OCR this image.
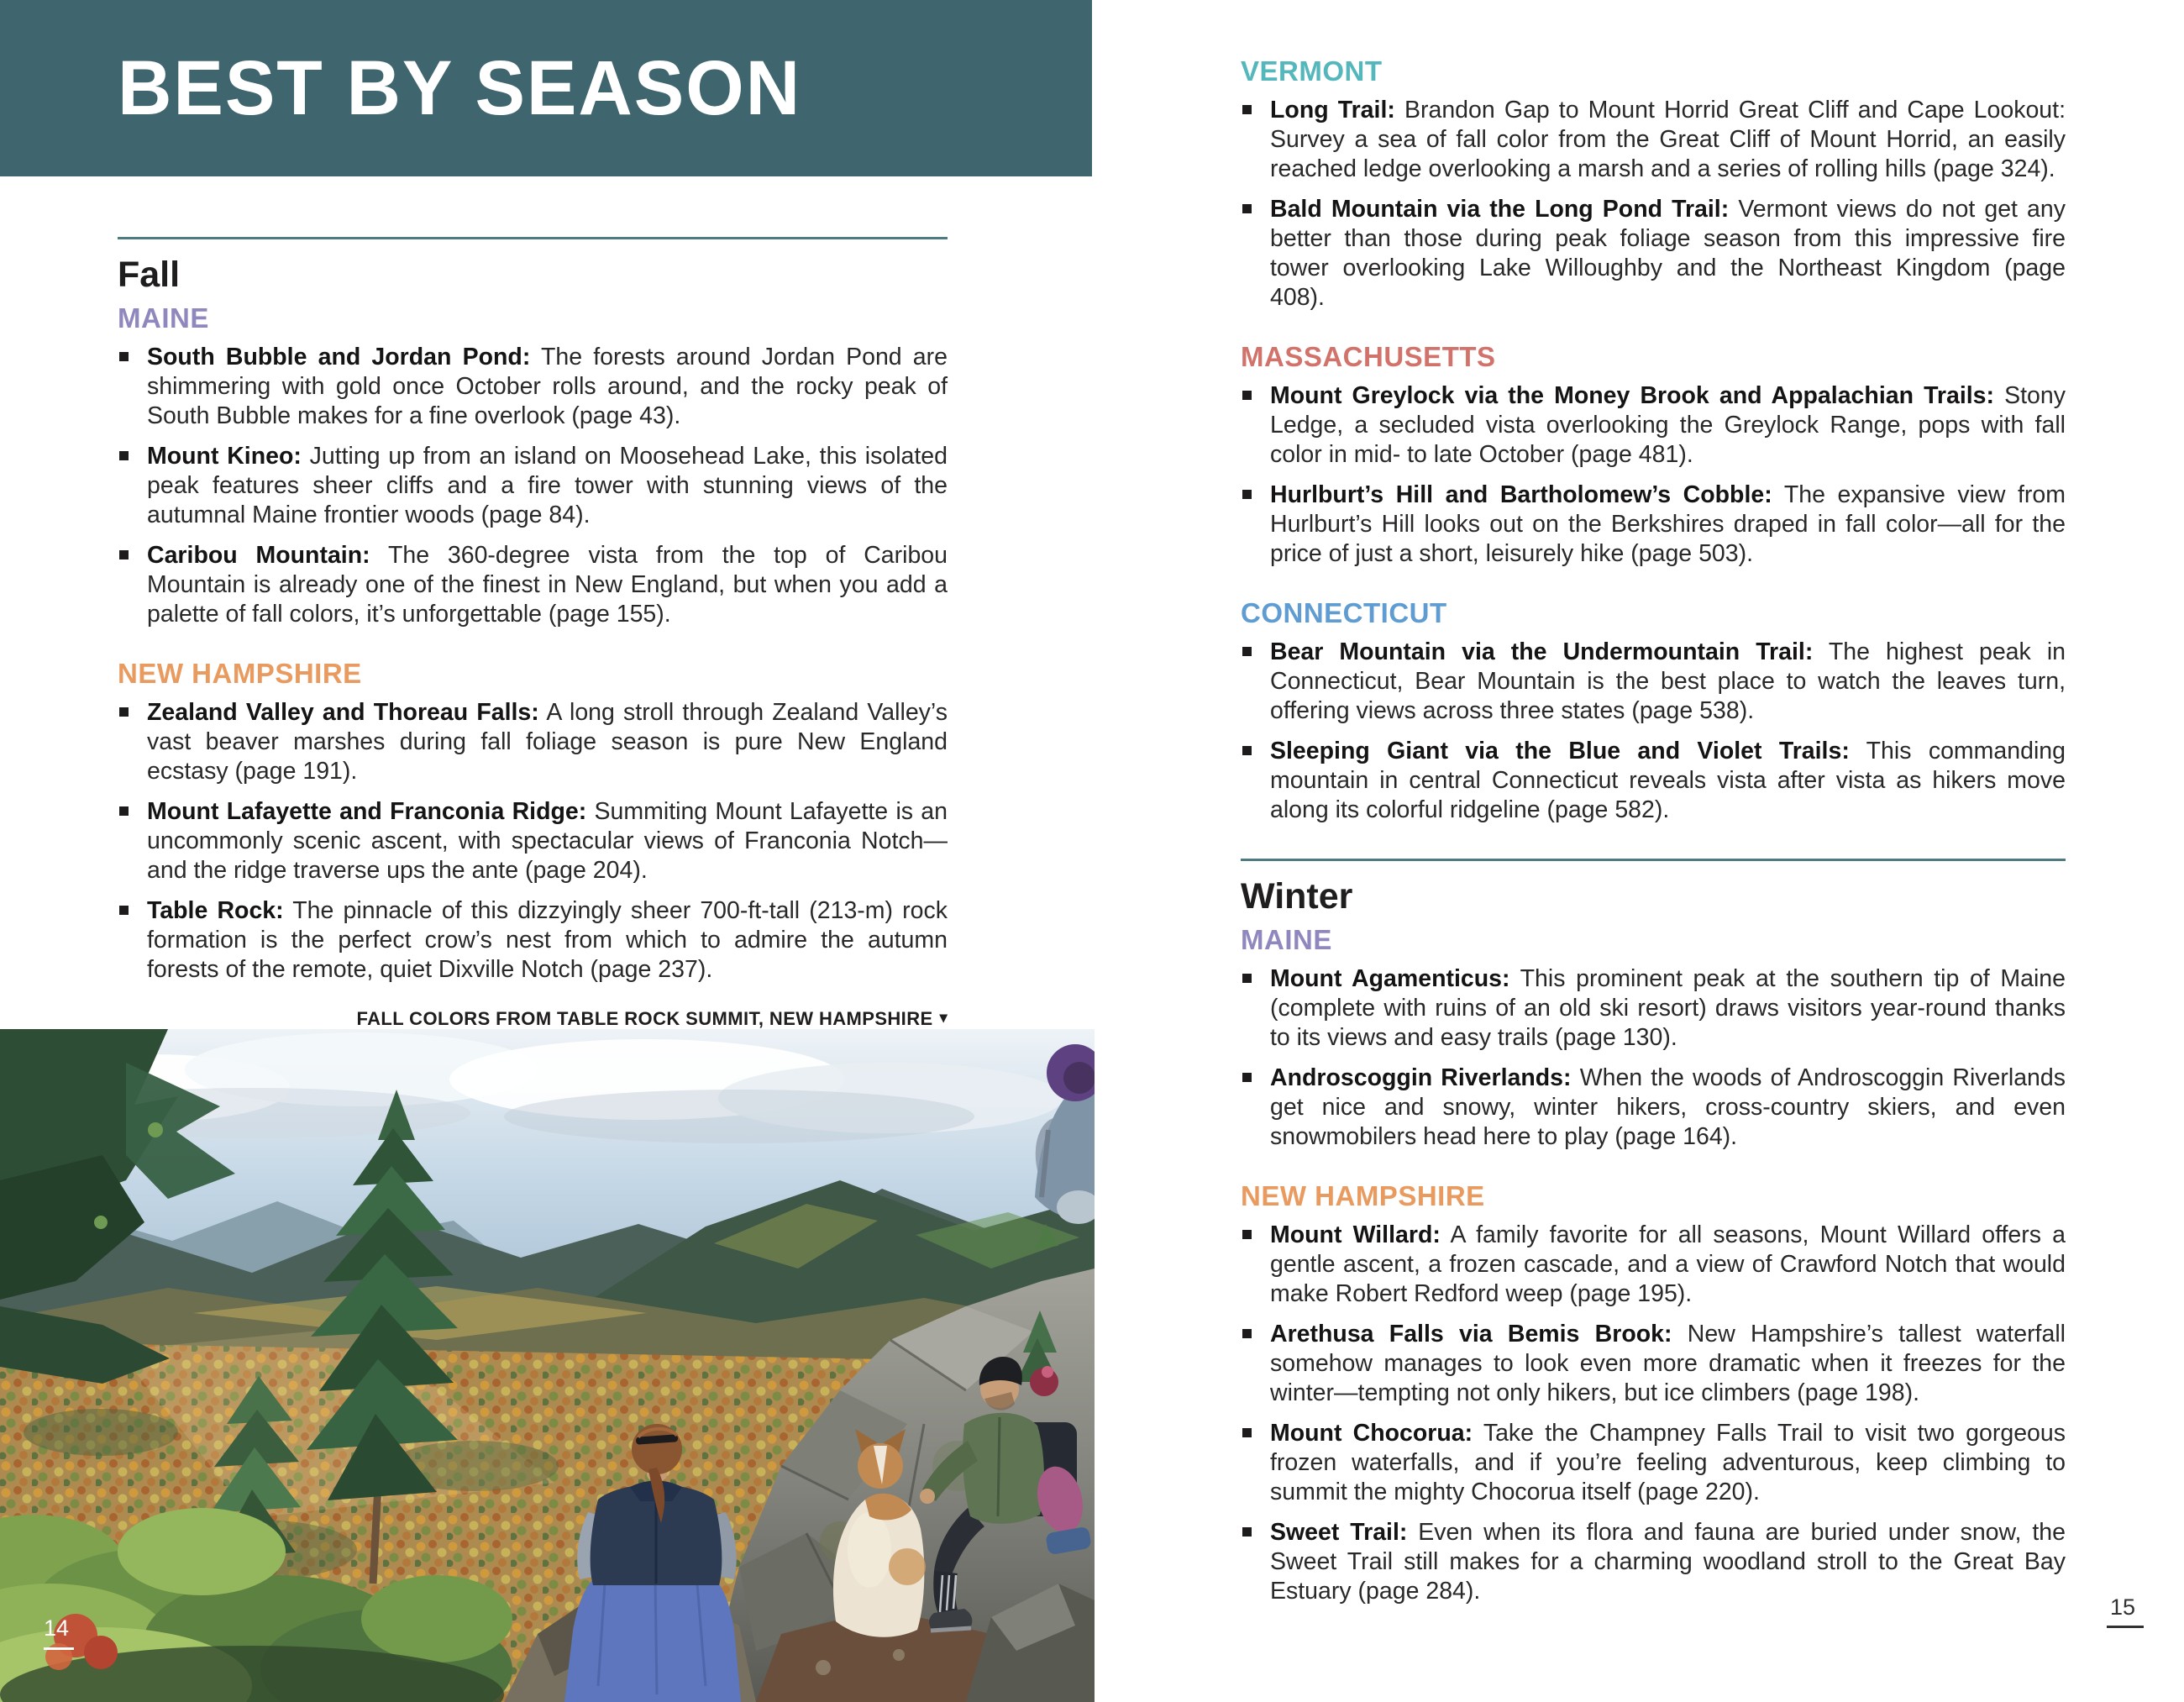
BEST BY SEASON
Fall
MAINE

South Bubble and Jordan Pond: The forests around Jordan Pond are shimmering with gold once October rolls around, and the rocky peak of South Bubble makes for a fine overlook (page 43).

Mount Kineo: Jutting up from an island on Moosehead Lake, this isolated peak features sheer cliffs and a fire tower with stunning views of the autumnal Maine frontier woods (page 84).

Caribou Mountain: The 360-degree vista from the top of Caribou Mountain is already one of the finest in New England, but when you add a palette of fall colors, it’s unforgettable (page 155).

NEW HAMPSHIRE

Zealand Valley and Thoreau Falls: A long stroll through Zealand Valley’s vast beaver marshes during fall foliage season is pure New England ecstasy (page 191).

Mount Lafayette and Franconia Ridge: Summiting Mount Lafayette is an uncommonly scenic ascent, with spectacular views of Franconia Notch—and the ridge traverse ups the ante (page 204).

Table Rock: The pinnacle of this dizzyingly sheer 700-ft-tall (213-m) rock formation is the perfect crow’s nest from which to admire the autumn forests of the remote, quiet Dixville Notch (page 237).

FALL COLORS FROM TABLE ROCK SUMMIT, NEW HAMPSHIRE ▾
14
VERMONT

Long Trail: Brandon Gap to Mount Horrid Great Cliff and Cape Lookout: Survey a sea of fall color from the Great Cliff of Mount Horrid, an easily reached ledge overlooking a marsh and a series of rolling hills (page 324).

Bald Mountain via the Long Pond Trail: Vermont views do not get any better than those during peak foliage season from this impressive fire tower overlooking Lake Willoughby and the Northeast Kingdom (page 408).

MASSACHUSETTS

Mount Greylock via the Money Brook and Appalachian Trails: Stony Ledge, a secluded vista overlooking the Greylock Range, pops with fall color in mid- to late October (page 481).

Hurlburt’s Hill and Bartholomew’s Cobble: The expansive view from Hurlburt’s Hill looks out on the Berkshires draped in fall color—all for the price of just a short, leisurely hike (page 503).

CONNECTICUT

Bear Mountain via the Undermountain Trail: The highest peak in Connecticut, Bear Mountain is the best place to watch the leaves turn, offering views across three states (page 538).

Sleeping Giant via the Blue and Violet Trails: This commanding mountain in central Connecticut reveals vista after vista as hikers move along its colorful ridgeline (page 582).

Winter
MAINE

Mount Agamenticus: This prominent peak at the southern tip of Maine (complete with ruins of an old ski resort) draws visitors year-round thanks to its views and easy trails (page 130).

Androscoggin Riverlands: When the woods of Androscoggin Riverlands get nice and snowy, winter hikers, cross-country skiers, and even snowmobilers head here to play (page 164).

NEW HAMPSHIRE

Mount Willard: A family favorite for all seasons, Mount Willard offers a gentle ascent, a frozen cascade, and a view of Crawford Notch that would make Robert Redford weep (page 195).

Arethusa Falls via Bemis Brook: New Hampshire’s tallest waterfall somehow manages to look even more dramatic when it freezes for the winter—tempting not only hikers, but ice climbers (page 198).

Mount Chocorua: Take the Champney Falls Trail to visit two gorgeous frozen waterfalls, and if you’re feeling adventurous, keep climbing to summit the mighty Chocorua itself (page 220).

Sweet Trail: Even when its flora and fauna are buried under snow, the Sweet Trail still makes for a charming woodland stroll to the Great Bay Estuary (page 284).

15
